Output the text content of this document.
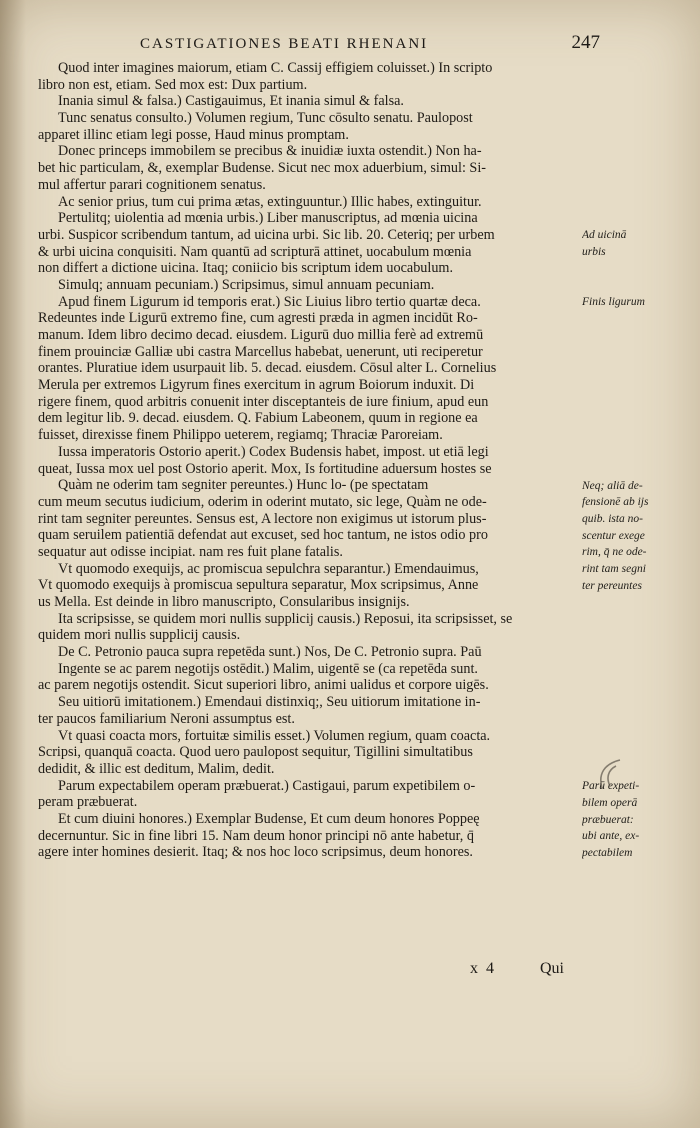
CASTIGATIONES BEATI RHENANI	247
Quod inter imagines maiorum, etiam C. Cassij effigiem coluisset.) In scripto
libro non est, etiam. Sed mox est: Dux partium.
Inania simul & falsa.) Castigauimus, Et inania simul & falsa.
Tunc senatus consulto.) Volumen regium, Tunc cōsulto senatu. Paulopost
apparet illinc etiam legi posse, Haud minus promptam.
Donec princeps immobilem se precibus & inuidiæ iuxta ostendit.) Non ha-
bet hic particulam, &, exemplar Budense. Sicut nec mox aduerbium, simul: Si-
mul affertur parari cognitionem senatus.
Ac senior prius, tum cui prima ætas, extinguuntur.) Illic habes, extinguitur.
Pertulitq; uiolentia ad mœnia urbis.) Liber manuscriptus, ad mœnia uicina
urbi. Suspicor scribendum tantum, ad uicina urbi. Sic lib. 20. Ceteriq; per urbem
& urbi uicina conquisiti. Nam quantū ad scripturā attinet, uocabulum mœnia
non differt a dictione uicina. Itaq; coniicio bis scriptum idem uocabulum.
Simulq; annuam pecuniam.) Scripsimus, simul annuam pecuniam.
Apud finem Ligurum id temporis erat.) Sic Liuius libro tertio quartæ deca.
Redeuntes inde Ligurū extremo fine, cum agresti præda in agmen incidūt Ro-
manum. Idem libro decimo decad. eiusdem. Ligurū duo millia ferè ad extremū
finem prouinciæ Galliæ ubi castra Marcellus habebat, uenerunt, uti reciperetur
orantes. Pluratiue idem usurpauit lib. 5. decad. eiusdem. Cōsul alter L. Cornelius
Merula per extremos Ligyrum fines exercitum in agrum Boiorum induxit. Di
rigere finem, quod arbitris conuenit inter disceptanteis de iure finium, apud eun
dem legitur lib. 9. decad. eiusdem. Q. Fabium Labeonem, quum in regione ea
fuisset, direxisse finem Philippo ueterem, regiamq; Thraciæ Paroreiam.
Iussa imperatoris Ostorio aperit.) Codex Budensis habet, impost. ut etiā legi
queat, Iussa mox uel post Ostorio aperit. Mox, Is fortitudine aduersum hostes se
Quàm ne oderim tam segniter pereuntes.) Hunc lo- (pe spectatam
cum meum secutus iudicium, oderim in oderint mutato, sic lege, Quàm ne ode-
rint tam segniter pereuntes. Sensus est, A lectore non exigimus ut istorum plus-
quam seruilem patientiā defendat aut excuset, sed hoc tantum, ne istos odio pro
sequatur aut odisse incipiat. nam res fuit plane fatalis.
Vt quomodo exequijs, ac promiscua sepulchra separantur.) Emendauimus,
Vt quomodo exequijs à promiscua sepultura separatur, Mox scripsimus, Anne
us Mella. Est deinde in libro manuscripto, Consularibus insignijs.
Ita scripsisse, se quidem mori nullis supplicij causis.) Reposui, ita scripsisset, se
quidem mori nullis supplicij causis.
De C. Petronio pauca supra repetēda sunt.) Nos, De C. Petronio supra. Paū
Ingente se ac parem negotijs ostēdit.) Malim, uigentē se (ca repetēda sunt.
ac parem negotijs ostendit. Sicut superiori libro, animi ualidus et corpore uigēs.
Seu uitiorū imitationem.) Emendaui distinxiq;, Seu uitiorum imitatione in-
ter paucos familiarium Neroni assumptus est.
Vt quasi coacta mors, fortuitæ similis esset.) Volumen regium, quam coacta.
Scripsi, quanquā coacta. Quod uero paulopost sequitur, Tigillini simultatibus
dedidit, & illic est deditum, Malim, dedit.
Parum expectabilem operam præbuerat.) Castigaui, parum expetibilem o-
peram præbuerat.
Et cum diuini honores.) Exemplar Budense, Et cum deum honores Poppeę
decernuntur. Sic in fine libri 15. Nam deum honor principi nō ante habetur, q̄
agere inter homines desierit. Itaq; & nos hoc loco scripsimus, deum honores.
Ad uicinā
urbis
Finis ligurum
Neq; aliā de-
fensionē ab ijs
quib. ista no-
scentur exege
rim, q̄ ne ode-
rint tam segni
ter pereuntes
Parū expeti-
bilem operā
præbuerat:
ubi ante, ex-
pectabilem
x 4	Qui
